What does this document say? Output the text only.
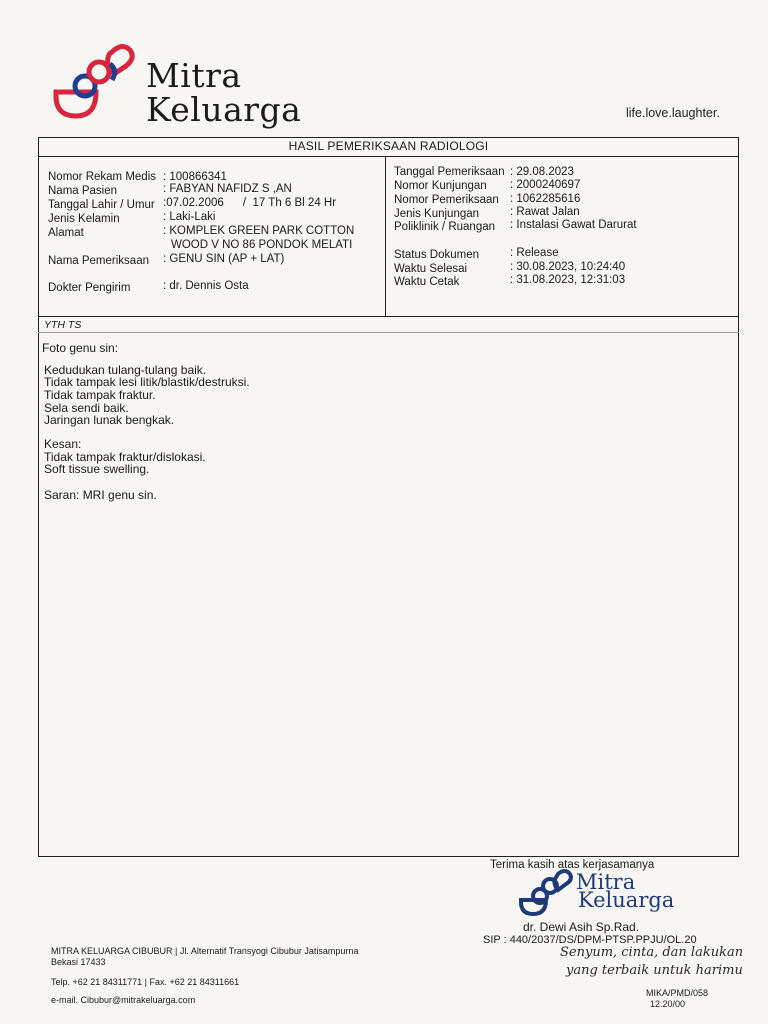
Mitra
Keluarga	life.love.laughter.
HASIL PEMERIKSAAN RADIOLOGI
Nomor Rekam Medis : 100866341
Nama Pasien	: FABYAN NAFIDZ S ,AN
Tanggal Lahir / Umur :07.02.2006      /  17 Th 6 Bl 24 Hr
Jenis Kelamin	: Laki-Laki
Alamat	: KOMPLEK GREEN PARK COTTON
WOOD V NO 86 PONDOK MELATI
Nama Pemeriksaan : GENU SIN (AP + LAT)
Dokter Pengirim	: dr. Dennis Osta
Tanggal Pemeriksaan : 29.08.2023
Nomor Kunjungan : 2000240697
Nomor Pemeriksaan : 1062285616
Jenis Kunjungan	: Rawat Jalan
Poliklinik / Ruangan : Instalasi Gawat Darurat
Status Dokumen	: Release
Waktu Selesai	: 30.08.2023, 10:24:40
Waktu Cetak	: 31.08.2023, 12:31:03
YTH TS
Foto genu sin:
Kedudukan tulang-tulang baik.
Tidak tampak lesi litik/blastik/destruksi.
Tidak tampak fraktur.
Sela sendi baik.
Jaringan lunak bengkak.
Kesan:
Tidak tampak fraktur/dislokasi.
Soft tissue swelling.
Saran: MRI genu sin.
Terima kasih atas kerjasamanya
Mitra
Keluarga
dr. Dewi Asih Sp.Rad.
SIP : 440/2037/DS/DPM-PTSP.PPJU/OL.20
Senyum, cinta, dan lakukan
yang terbaik untuk harimu
MIKA/PMD/058
12.20/00
MITRA KELUARGA CIBUBUR | Jl. Alternatif Transyogi Cibubur Jatisampurna
Bekasi 17433
Telp. +62 21 84311771 | Fax. +62 21 84311661
e-mail. Cibubur@mitrakeluarga.com
